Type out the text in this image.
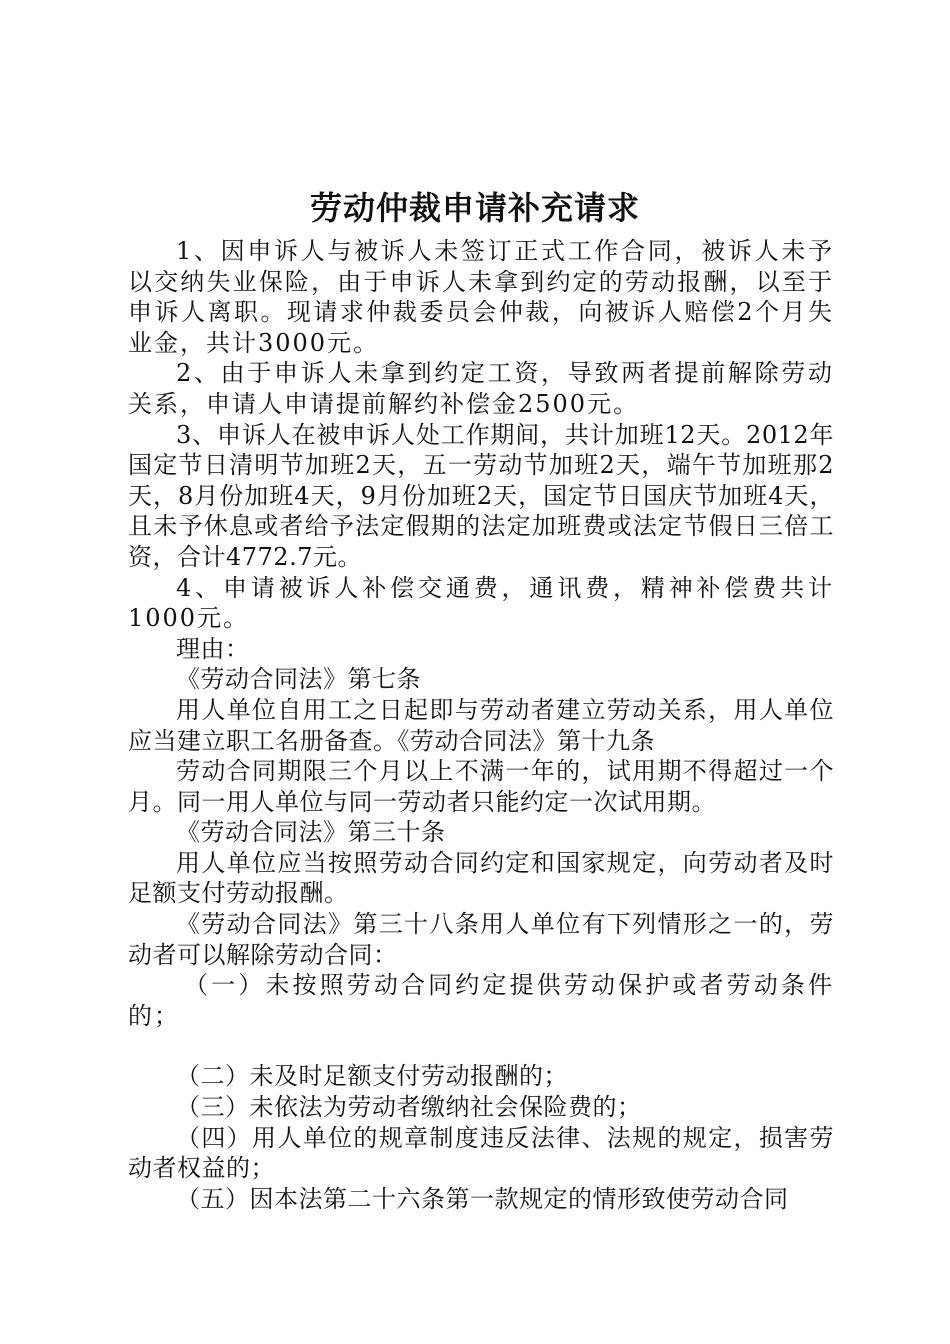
劳动仲裁申请补充请求

1、因申诉人与被诉人未签订正式工作合同，被诉人未予以交纳失业保险，由于申诉人未拿到约定的劳动报酬，以至于申诉人离职。现请求仲裁委员会仲裁，向被诉人赔偿2个月失业金，共计3000元。

2、由于申诉人未拿到约定工资，导致两者提前解除劳动关系，申请人申请提前解约补偿金2500元。

3、申诉人在被申诉人处工作期间，共计加班12天。2012年国定节日清明节加班2天，五一劳动节加班2天，端午节加班那2天，8月份加班4天，9月份加班2天，国定节日国庆节加班4天，且未予休息或者给予法定假期的法定加班费或法定节假日三倍工资，合计4772.7元。

4、申请被诉人补偿交通费，通讯费，精神补偿费共计1000元。

理由：

《劳动合同法》第七条

用人单位自用工之日起即与劳动者建立劳动关系，用人单位应当建立职工名册备查。《劳动合同法》第十九条

劳动合同期限三个月以上不满一年的，试用期不得超过一个月。同一用人单位与同一劳动者只能约定一次试用期。

《劳动合同法》第三十条

用人单位应当按照劳动合同约定和国家规定，向劳动者及时足额支付劳动报酬。

《劳动合同法》第三十八条用人单位有下列情形之一的，劳动者可以解除劳动合同：

（一）未按照劳动合同约定提供劳动保护或者劳动条件的；

（二）未及时足额支付劳动报酬的；

（三）未依法为劳动者缴纳社会保险费的；

（四）用人单位的规章制度违反法律、法规的规定，损害劳动者权益的；

（五）因本法第二十六条第一款规定的情形致使劳动合同
